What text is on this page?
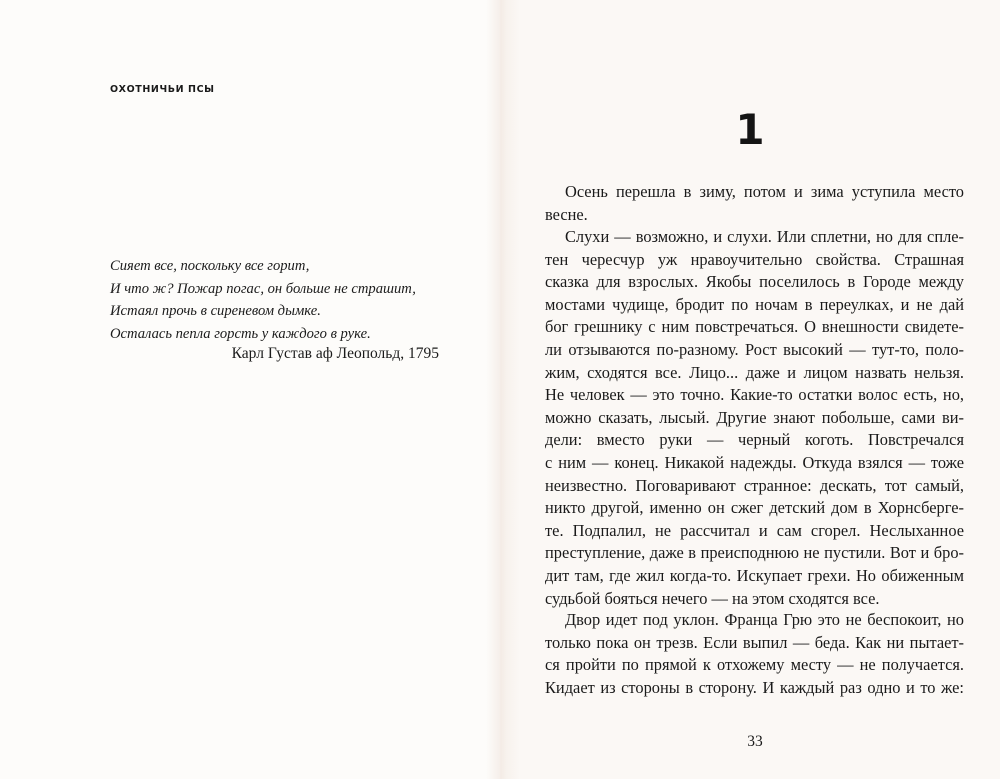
ОХОТНИЧЬИ ПСЫ
Сияет все, поскольку все горит,
И что ж? Пожар погас, он больше не страшит,
Истаял прочь в сиреневом дымке.
Осталась пепла горсть у каждого в руке.
Карл Густав аф Леопольд, 1795
1
Осень перешла в зиму, потом и зима уступила место
весне.
Слухи — возможно, и слухи. Или сплетни, но для спле-
тен чересчур уж нравоучительно свойства. Страшная
сказка для взрослых. Якобы поселилось в Городе между
мостами чудище, бродит по ночам в переулках, и не дай
бог грешнику с ним повстречаться. О внешности свидете-
ли отзываются по-разному. Рост высокий — тут-то, поло-
жим, сходятся все. Лицо... даже и лицом назвать нельзя.
Не человек — это точно. Какие-то остатки волос есть, но,
можно сказать, лысый. Другие знают побольше, сами ви-
дели: вместо руки — черный коготь. Повстречался
с ним — конец. Никакой надежды. Откуда взялся — тоже
неизвестно. Поговаривают странное: дескать, тот самый,
никто другой, именно он сжег детский дом в Хорнсберге-
те. Подпалил, не рассчитал и сам сгорел. Неслыханное
преступление, даже в преисподнюю не пустили. Вот и бро-
дит там, где жил когда-то. Искупает грехи. Но обиженным
судьбой бояться нечего — на этом сходятся все.
Двор идет под уклон. Франца Грю это не беспокоит, но
только пока он трезв. Если выпил — беда. Как ни пытает-
ся пройти по прямой к отхожему месту — не получается.
Кидает из стороны в сторону. И каждый раз одно и то же:
33
